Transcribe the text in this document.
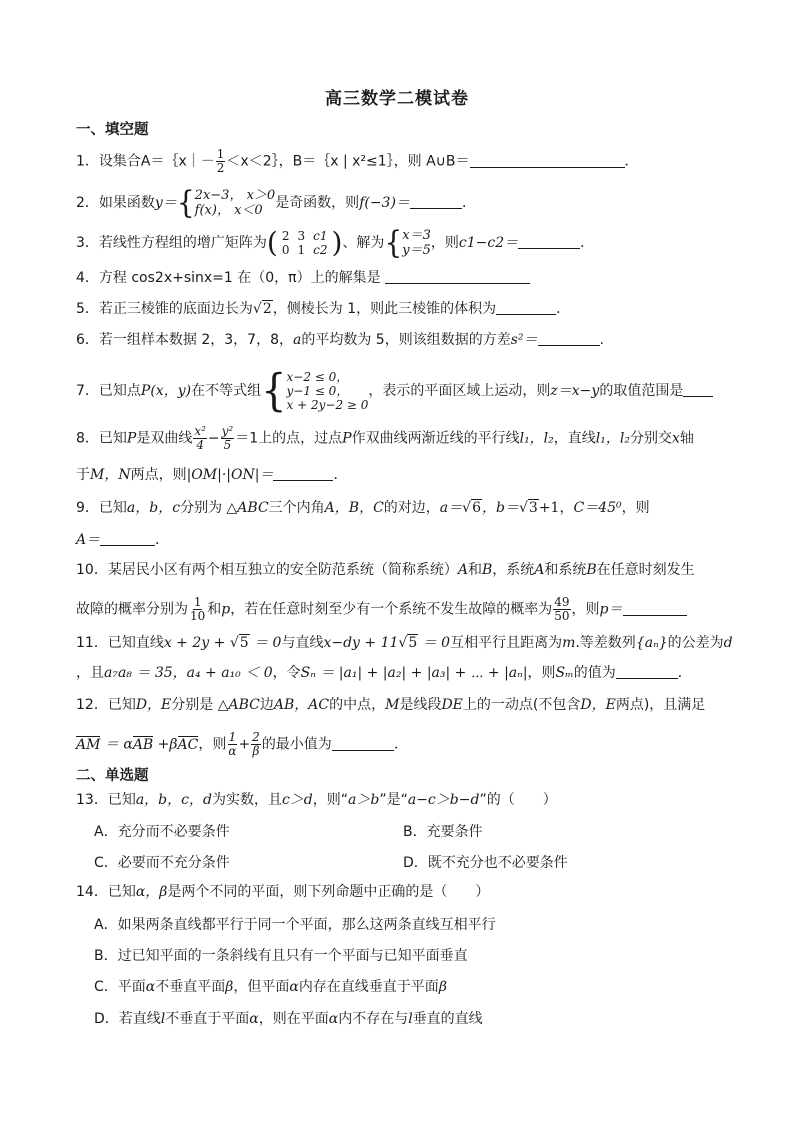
高三数学二模试卷
一、填空题
1．设集合A＝｛x｜－ $\frac{1}{2}$ ＜x＜2｝，B＝｛x | x²≤1｝，则 A∪B＝	．
2．如果函数y＝{ 2x−3， x＞0
f(x)， x＜0 是奇函数，则f(−3)＝	．
3．若线性方程组的增广矩阵为 ( 2	3	c1
0	1	c2 ) 、解为{ x＝3
y＝5 ，则c1−c2＝	．
4．方程 cos2x+sinx=1 在（0，π）上的解集是
5．若正三棱锥的底面边长为√2，侧棱长为 1，则此三棱锥的体积为	．
6．若一组样本数据 2，3，7，8，a的平均数为 5，则该组数据的方差s²＝	.
7．已知点P(x，y)在不等式组{ x−2 ≤ 0，
y−1 ≤ 0，
x + 2y−2 ≥ 0
，表示的平面区域上运动，则z＝x−y的取值范围是
8．已知P是双曲线 $\frac{\text{x²}}{4} - \frac{\text{y²}}{5} =1$上的点，过点P作双曲线两渐近线的平行线l₁，l₂，直线l₁，l₂分别交x轴
于M，N两点，则|OM|·|ON|＝	．
9．已知a，b，c分别为 △ABC三个内角A，B，C的对边，a＝√6，b＝√3+1，C＝45⁰，则
A＝	．
10．某居民小区有两个相互独立的安全防范系统（简称系统）A和B，系统A和系统B在任意时刻发生
故障的概率分别为 $\frac{1}{10}$ 和p，若在任意时刻至少有一个系统不发生故障的概率为 $\frac{49}{50}$ ，则p＝
11．已知直线x + 2y + √5 ＝ 0与直线x−dy + 11√5 ＝ 0互相平行且距离为m.等差数列{aₙ}的公差为d
，且a₇a₈ ＝ 35，a₄ + a₁₀ ＜ 0，令Sₙ ＝ |a₁| + |a₂| + |a₃| + ⋯ + |aₙ|，则Sₘ的值为	．
12．已知D，E分别是 △ABC边AB，AC的中点，M是线段DE上的一动点(不包含D，E两点)，且满足
AM ＝ αAB +βAC，则 $\frac{1}{\alpha} + \frac{2}{\beta}$ 的最小值为	．
二、单选题
13．已知a，b，c，d为实数，且c＞d，则“a＞b”是“a−c＞b−d”的（　　）
A．充分而不必要条件	B．充要条件
C．必要而不充分条件	D．既不充分也不必要条件
14．已知α，β是两个不同的平面，则下列命题中正确的是（　　）
A．如果两条直线都平行于同一个平面，那么这两条直线互相平行
B．过已知平面的一条斜线有且只有一个平面与已知平面垂直
C．平面α不垂直平面β，但平面α内存在直线垂直于平面β
D．若直线l不垂直于平面α，则在平面α内不存在与l垂直的直线
